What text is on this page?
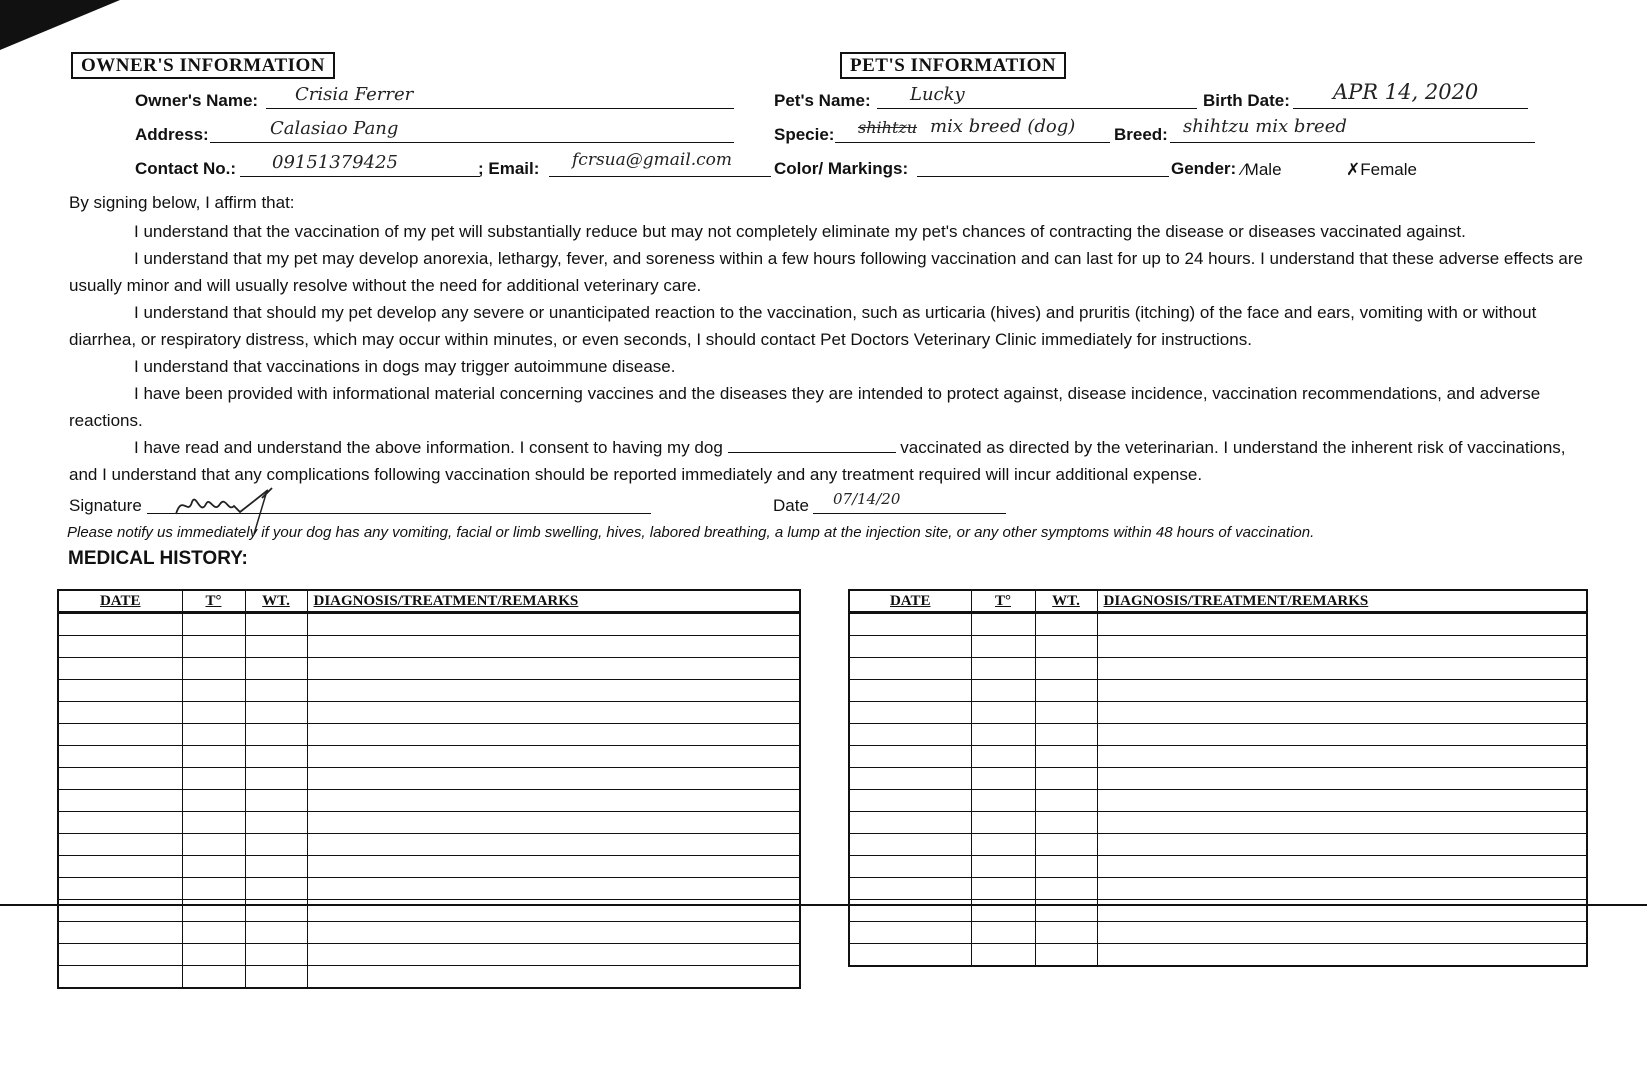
OWNER'S INFORMATION
Owner's Name: Crisia Ferrer
Address:	Calasiao Pang
Contact No.: 09151379425	; Email: fcrsua@gmail.com
PET'S INFORMATION
Pet's Name: Lucky	Birth Date: APR 14, 2020
Specie: shihtzu mix breed (dog) Breed: shihtzu mix breed
Color/ Markings:	Gender: ⁄Male	✗Female
By signing below, I affirm that:

I understand that the vaccination of my pet will substantially reduce but may not completely eliminate my pet's chances of contracting the disease or diseases vaccinated against.

I understand that my pet may develop anorexia, lethargy, fever, and soreness within a few hours following vaccination and can last for up to 24 hours. I understand that these adverse effects are usually minor and will usually resolve without the need for additional veterinary care.

I understand that should my pet develop any severe or unanticipated reaction to the vaccination, such as urticaria (hives) and pruritis (itching) of the face and ears, vomiting with or without diarrhea, or respiratory distress, which may occur within minutes, or even seconds, I should contact Pet Doctors Veterinary Clinic immediately for instructions.

I understand that vaccinations in dogs may trigger autoimmune disease.

I have been provided with informational material concerning vaccines and the diseases they are intended to protect against, disease incidence, vaccination recommendations, and adverse reactions.

I have read and understand the above information. I consent to having my dog	vaccinated as directed by the veterinarian. I understand the inherent risk of vaccinations, and I understand that any complications following vaccination should be reported immediately and any treatment required will incur additional expense.

Signature	Date 07/14/20
Please notify us immediately if your dog has any vomiting, facial or limb swelling, hives, labored breathing, a lump at the injection site, or any other symptoms within 48 hours of vaccination.
MEDICAL HISTORY:
DATE	T°	WT.	DIAGNOSIS/TREATMENT/REMARKS

				DATE	T°	WT.	DIAGNOSIS/TREATMENT/REMARKS
